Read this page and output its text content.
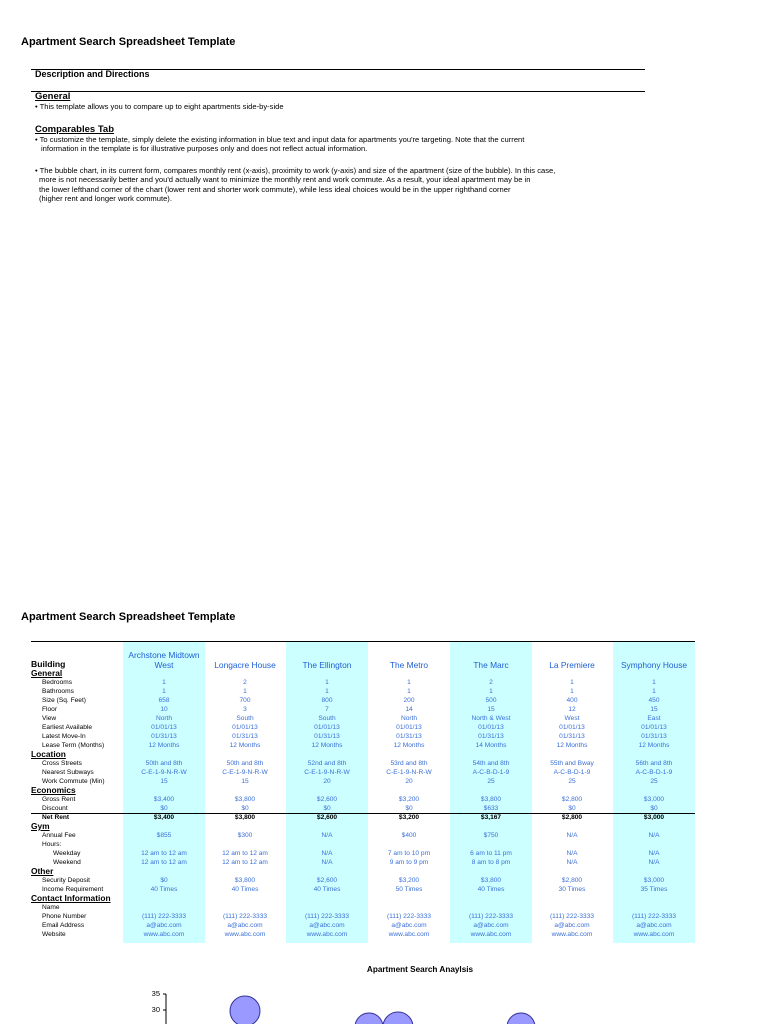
Apartment Search Spreadsheet Template
Description and Directions
General
• This template allows you to compare up to eight apartments side-by-side
Comparables Tab
• To customize the template, simply delete the existing information in blue text and input data for apartments you're targeting. Note that the current
information in the template is for illustrative purposes only and does not reflect actual information.
• The bubble chart, in its current form, compares monthly rent (x-axis), proximity to work (y-axis) and size of the apartment (size of the bubble). In this case,
more is not necessarily better and you'd actually want to minimize the monthly rent and work commute. As a result, your ideal apartment may be in
the lower lefthand corner of the chart (lower rent and shorter work commute), while less ideal choices would be in the upper righthand corner
(higher rent and longer work commute).
Apartment Search Spreadsheet Template
Archstone Midtown West	Longacre House	The Ellington	The Metro	The Marc	La Premiere	Symphony House
Building
General
Bedrooms	1	2	1	1	2	1	1
Bathrooms	1	1	1	1	1	1	1
Size (Sq. Feet)	658	700	800	200	500	400	450
Floor	10	3	7	14	15	12	15
View	North	South	South	North	North & West	West	East
Earliest Available	01/01/13	01/01/13	01/01/13	01/01/13	01/01/13	01/01/13	01/01/13
Latest Move-In	01/31/13	01/31/13	01/31/13	01/31/13	01/31/13	01/31/13	01/31/13
Lease Term (Months)	12 Months	12 Months	12 Months	12 Months	14 Months	12 Months	12 Months
Location
Cross Streets	50th and 8th	50th and 8th	52nd and 8th	53rd and 8th	54th and 8th	55th and Bway	56th and 8th
Nearest Subways	C-E-1-9-N-R-W	C-E-1-9-N-R-W	C-E-1-9-N-R-W	C-E-1-9-N-R-W	A-C-B-D-1-9	A-C-B-D-1-9	A-C-B-D-1-9
Work Commute (Min)	15	15	20	20	25	25	25
Economics
Gross Rent	$3,400	$3,800	$2,600	$3,200	$3,800	$2,800	$3,000
Discount	$0	$0	$0	$0	$633	$0	$0
Net Rent	$3,400	$3,800	$2,600	$3,200	$3,167	$2,800	$3,000
Gym
Annual Fee	$855	$300	N/A	$400	$750	N/A	N/A
Hours:
Weekday	12 am to 12 am	12 am to 12 am	N/A	7 am to 10 pm	6 am to 11 pm	N/A	N/A
Weekend	12 am to 12 am	12 am to 12 am	N/A	9 am to 9 pm	8 am to 8 pm	N/A	N/A
Other
Security Deposit	$0	$3,800	$2,600	$3,200	$3,800	$2,800	$3,000
Income Requirement	40 Times	40 Times	40 Times	50 Times	40 Times	30 Times	35 Times
Contact Information
Name
Phone Number	(111) 222-3333	(111) 222-3333	(111) 222-3333	(111) 222-3333	(111) 222-3333	(111) 222-3333	(111) 222-3333
Email Address	a@abc.com	a@abc.com	a@abc.com	a@abc.com	a@abc.com	a@abc.com	a@abc.com
Website	www.abc.com	www.abc.com	www.abc.com	www.abc.com	www.abc.com	www.abc.com	www.abc.com
Apartment Search Anaylsis
35
30
